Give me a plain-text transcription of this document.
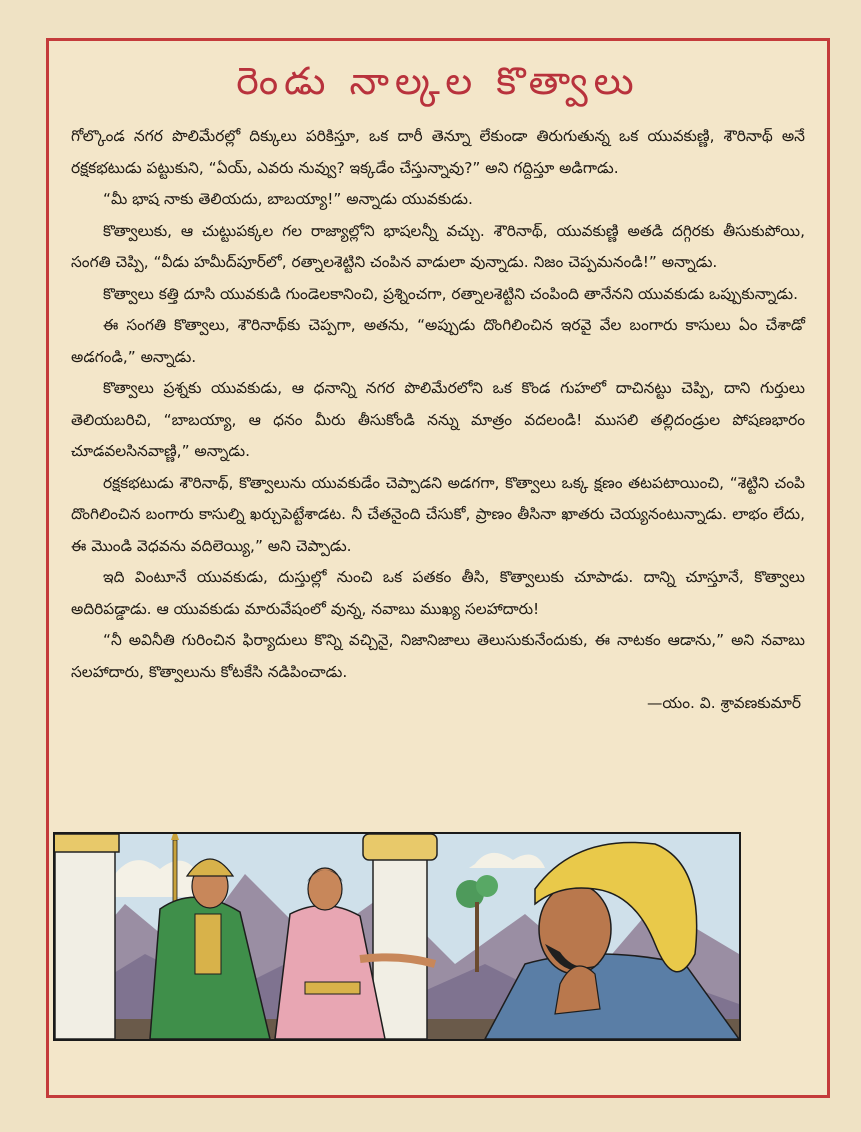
రెండు నాల్కల కొత్వాలు

గోల్కొండ నగర పొలిమేరల్లో దిక్కులు పరికిస్తూ, ఒక దారీ తెన్నూ లేకుండా తిరుగుతున్న ఒక యువకుణ్ణి, శౌరినాథ్ అనే రక్షకభటుడు పట్టుకుని, “ఏయ్, ఎవరు నువ్వు? ఇక్కడేం చేస్తున్నావు?” అని గద్దిస్తూ అడిగాడు.

“మీ భాష నాకు తెలియదు, బాబయ్యా!” అన్నాడు యువకుడు.

కొత్వాలుకు, ఆ చుట్టుపక్కల గల రాజ్యాల్లోని భాషలన్నీ వచ్చు. శౌరినాథ్, యువకుణ్ణి అతడి దగ్గిరకు తీసుకుపోయి, సంగతి చెప్పి, “వీడు హమీద్‌పూర్‌లో, రత్నాలశెట్టిని చంపిన వాడులా వున్నాడు. నిజం చెప్పమనండి!” అన్నాడు.

కొత్వాలు కత్తి దూసి యువకుడి గుండెలకానించి, ప్రశ్నించగా, రత్నాలశెట్టిని చంపింది తానేనని యువకుడు ఒప్పుకున్నాడు.

ఈ సంగతి కొత్వాలు, శౌరినాథ్‌కు చెప్పగా, అతను, “అప్పుడు దొంగిలించిన ఇరవై వేల బంగారు కాసులు ఏం చేశాడో అడగండి,” అన్నాడు.

కొత్వాలు ప్రశ్నకు యువకుడు, ఆ ధనాన్ని నగర పొలిమేరలోని ఒక కొండ గుహలో దాచినట్టు చెప్పి, దాని గుర్తులు తెలియబరిచి, “బాబయ్యా, ఆ ధనం మీరు తీసుకోండి నన్ను మాత్రం వదలండి! ముసలి తల్లిదండ్రుల పోషణభారం చూడవలసినవాణ్ణి,” అన్నాడు.

రక్షకభటుడు శౌరినాథ్, కొత్వాలును యువకుడేం చెప్పాడని అడగగా, కొత్వాలు ఒక్క క్షణం తటపటాయించి, “శెట్టిని చంపి దొంగిలించిన బంగారు కాసుల్ని ఖర్చుపెట్టేశాడట. నీ చేతనైంది చేసుకో, ప్రాణం తీసినా ఖాతరు చెయ్యనంటున్నాడు. లాభం లేదు, ఈ మొండి వెధవను వదిలెయ్యి,” అని చెప్పాడు.

ఇది వింటూనే యువకుడు, దుస్తుల్లో నుంచి ఒక పతకం తీసి, కొత్వాలుకు చూపాడు. దాన్ని చూస్తూనే, కొత్వాలు అదిరిపడ్డాడు. ఆ యువకుడు మారువేషంలో వున్న, నవాబు ముఖ్య సలహాదారు!

“నీ అవినీతి గురించిన ఫిర్యాదులు కొన్ని వచ్చినై, నిజానిజాలు తెలుసుకునేందుకు, ఈ నాటకం ఆడాను,” అని నవాబు సలహాదారు, కొత్వాలును కోటకేసి నడిపించాడు.

—యం. వి. శ్రావణకుమార్
